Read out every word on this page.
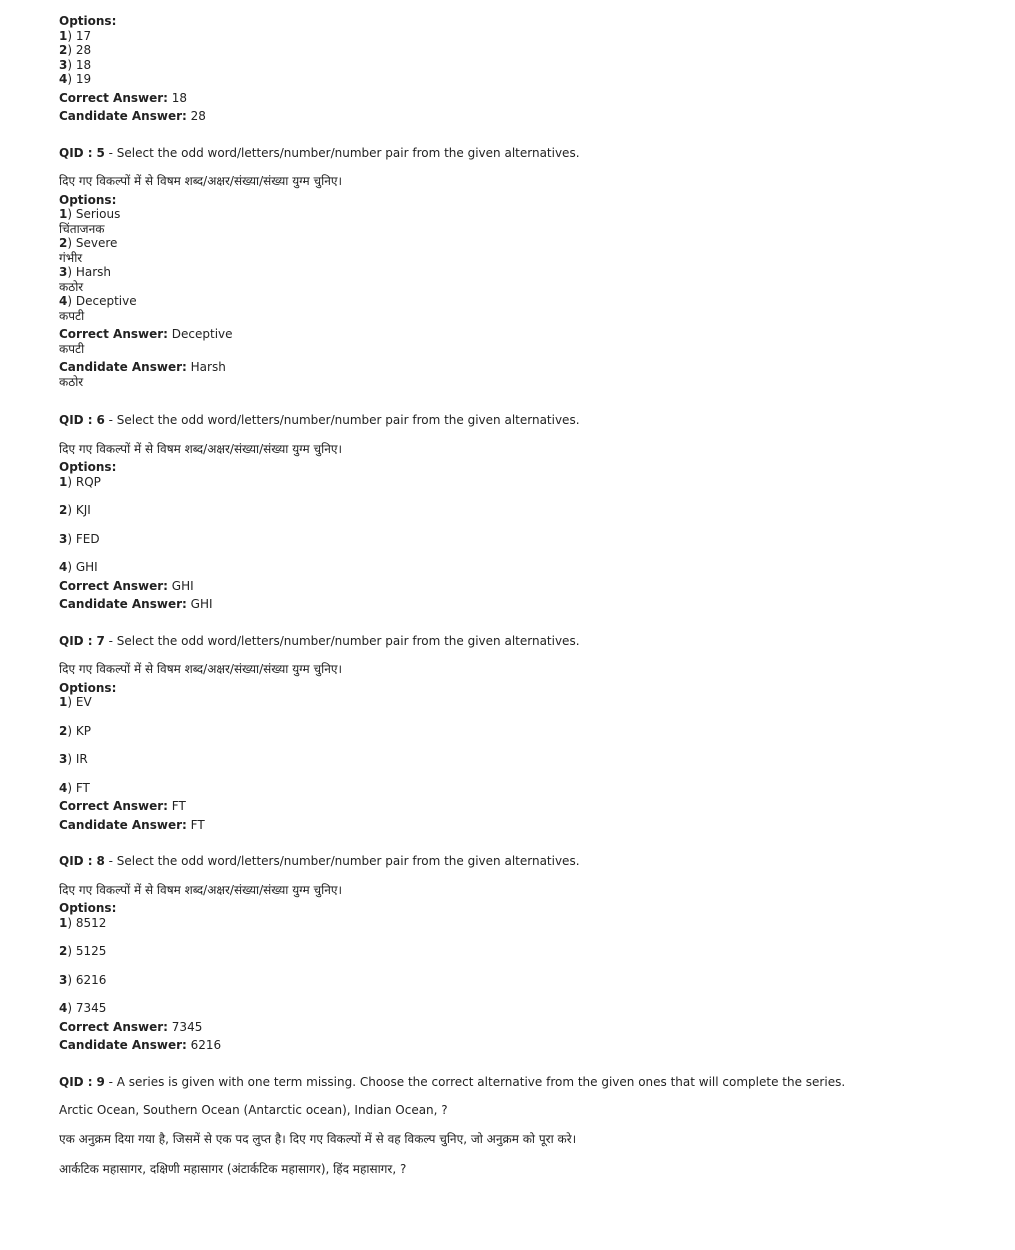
Options:
1) 17
2) 28
3) 18
4) 19
Correct Answer: 18
Candidate Answer: 28
QID : 5 - Select the odd word/letters/number/number pair from the given alternatives.
दिए गए विकल्पों में से विषम शब्द/अक्षर/संख्या/संख्या युग्म चुनिए।
Options:
1) Serious
चिंताजनक
2) Severe
गंभीर
3) Harsh
कठोर
4) Deceptive
कपटी
Correct Answer: Deceptive
कपटी
Candidate Answer: Harsh
कठोर
QID : 6 - Select the odd word/letters/number/number pair from the given alternatives.
दिए गए विकल्पों में से विषम शब्द/अक्षर/संख्या/संख्या युग्म चुनिए।
Options:
1) RQP
2) KJI
3) FED
4) GHI
Correct Answer: GHI
Candidate Answer: GHI
QID : 7 - Select the odd word/letters/number/number pair from the given alternatives.
दिए गए विकल्पों में से विषम शब्द/अक्षर/संख्या/संख्या युग्म चुनिए।
Options:
1) EV
2) KP
3) IR
4) FT
Correct Answer: FT
Candidate Answer: FT
QID : 8 - Select the odd word/letters/number/number pair from the given alternatives.
दिए गए विकल्पों में से विषम शब्द/अक्षर/संख्या/संख्या युग्म चुनिए।
Options:
1) 8512
2) 5125
3) 6216
4) 7345
Correct Answer: 7345
Candidate Answer: 6216
QID : 9 - A series is given with one term missing. Choose the correct alternative from the given ones that will complete the series.
Arctic Ocean, Southern Ocean (Antarctic ocean), Indian Ocean, ?
एक अनुक्रम दिया गया है, जिसमें से एक पद लुप्त है। दिए गए विकल्पों में से वह विकल्प चुनिए, जो अनुक्रम को पूरा करे।
आर्कटिक महासागर, दक्षिणी महासागर (अंटार्कटिक महासागर), हिंद महासागर, ?
